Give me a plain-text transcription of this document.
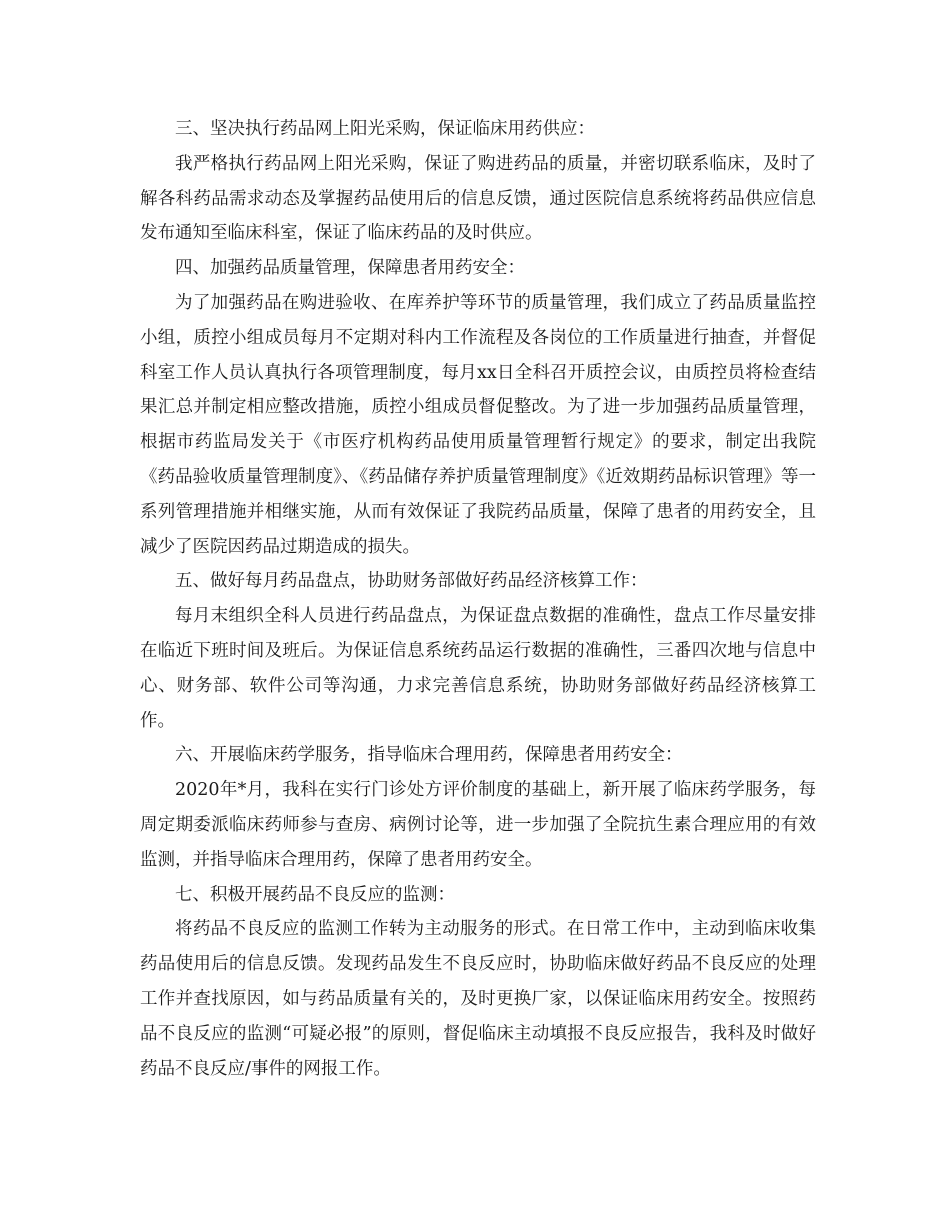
三、坚决执行药品网上阳光采购，保证临床用药供应：

我严格执行药品网上阳光采购，保证了购进药品的质量，并密切联系临床，及时了解各科药品需求动态及掌握药品使用后的信息反馈，通过医院信息系统将药品供应信息发布通知至临床科室，保证了临床药品的及时供应。

四、加强药品质量管理，保障患者用药安全：

为了加强药品在购进验收、在库养护等环节的质量管理，我们成立了药品质量监控小组，质控小组成员每月不定期对科内工作流程及各岗位的工作质量进行抽查，并督促科室工作人员认真执行各项管理制度，每月xx日全科召开质控会议，由质控员将检查结果汇总并制定相应整改措施，质控小组成员督促整改。为了进一步加强药品质量管理，根据市药监局发关于《市医疗机构药品使用质量管理暂行规定》的要求，制定出我院《药品验收质量管理制度》、《药品储存养护质量管理制度》《近效期药品标识管理》等一系列管理措施并相继实施，从而有效保证了我院药品质量，保障了患者的用药安全，且减少了医院因药品过期造成的损失。

五、做好每月药品盘点，协助财务部做好药品经济核算工作：

每月末组织全科人员进行药品盘点，为保证盘点数据的准确性，盘点工作尽量安排在临近下班时间及班后。为保证信息系统药品运行数据的准确性，三番四次地与信息中心、财务部、软件公司等沟通，力求完善信息系统，协助财务部做好药品经济核算工作。

六、开展临床药学服务，指导临床合理用药，保障患者用药安全：

2020年*月，我科在实行门诊处方评价制度的基础上，新开展了临床药学服务，每周定期委派临床药师参与查房、病例讨论等，进一步加强了全院抗生素合理应用的有效监测，并指导临床合理用药，保障了患者用药安全。

七、积极开展药品不良反应的监测：

将药品不良反应的监测工作转为主动服务的形式。在日常工作中，主动到临床收集药品使用后的信息反馈。发现药品发生不良反应时，协助临床做好药品不良反应的处理工作并查找原因，如与药品质量有关的，及时更换厂家，以保证临床用药安全。按照药品不良反应的监测“可疑必报”的原则，督促临床主动填报不良反应报告，我科及时做好药品不良反应/事件的网报工作。
